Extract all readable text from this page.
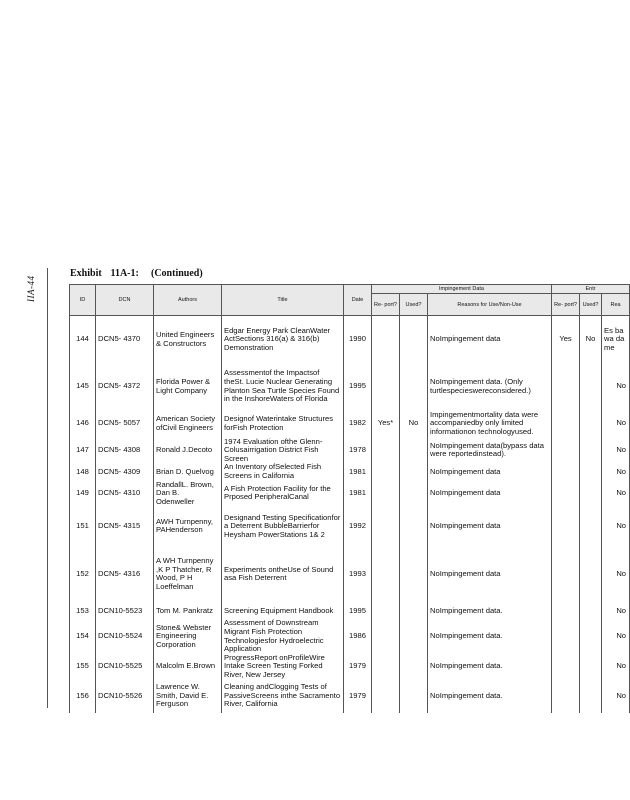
IIA-44
Exhibit 11A-1: (Continued)
ID	DCN	Authors	Title	Date	Impingement Data			Entr		
					Re- port?	Used?	Reasons for Use/Non-Use	Re- port?	Used?	Rea
144	DCN5- 4370	United Engineers & Constructors	Edgar Energy Park CleanWater ActSections 316(a) & 316(b) Demonstration	1990			NoImpingement data	Yes	No	Es ba wa da me
145	DCN5- 4372	Florida Power & Light Company	Assessmentof the Impactsof theSt. Lucie Nuclear Generating Planton Sea Turtle Species Found in the InshoreWaters of Florida	1995			NoImpingement data. (Only turtlespecieswereconsidered.)			No
146	DCN5- 5057	American Society ofCivil Engineers	Designof Waterintake Structures forFish Protection	1982	Yes*	No	Impingementmortality data were accompaniedby only limited informationon technologyused.			No
147	DCN5- 4308	Ronald J.Decoto	1974 Evaluation ofthe Glenn-Colusairrigation District Fish Screen	1978			NoImpingement data(bypass data were reportedinstead).			No
148	DCN5- 4309	Brian D. Quelvog	An Inventory ofSelected Fish Screens in California	1981			NoImpingement data			No
149	DCN5- 4310	RandallL. Brown, Dan B. Odenweller	A Fish Protection Facility for the Prposed PeripheralCanal	1981			NoImpingement data			No
151	DCN5- 4315	AWH Turnpenny, PAHenderson	Designand Testing Specificationfor a Deterrent BubbleBarrierfor Heysham PowerStations 1& 2	1992			NoImpingement data			No
152	DCN5- 4316	A WH Turnpenny ,K P Thatcher, R Wood, P H Loeffelman	Experiments ontheUse of Sound asa Fish Deterrent	1993			NoImpingement data			No
153	DCN10-5523	Tom M. Pankratz	Screening Equipment Handbook	1995			NoImpingement data.			No
154	DCN10-5524	Stone& Webster Engineering Corporation	Assessment of Downstream Migrant Fish Protection Technologiesfor Hydroelectric Application	1986			NoImpingement data.			No
155	DCN10-5525	Malcolm E.Brown	ProgressReport onProfileWire Intake Screen Testing Forked River, New Jersey	1979			NoImpingement data.			No
156	DCN10-5526	Lawrence W. Smith, David E. Ferguson	Cleaning andClogging Tests of PassiveScreens inthe Sacramento River, California	1979			NoImpingement data.			No
